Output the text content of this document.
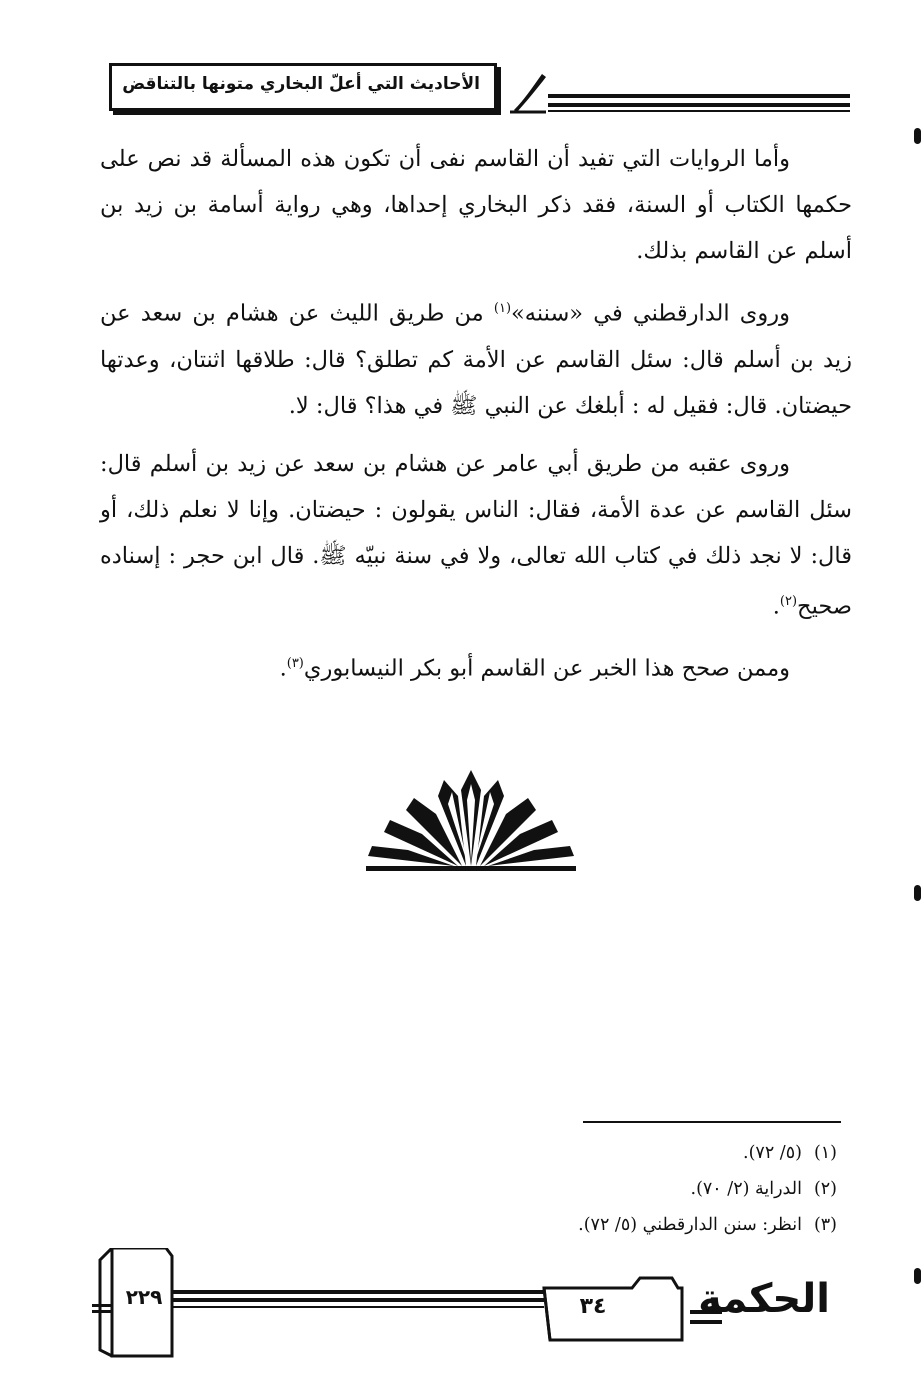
الأحاديث التي أعلّ البخاري متونها بالتناقض

وأما الروايات التي تفيد أن القاسم نفى أن تكون هذه المسألة قد نص على حكمها الكتاب أو السنة، فقد ذكر البخاري إحداها، وهي رواية أسامة بن زيد بن أسلم عن القاسم بذلك.

وروى الدارقطني في «سننه»$^{(١)}$ من طريق الليث عن هشام بن سعد عن زيد بن أسلم قال: سئل القاسم عن الأمة كم تطلق؟ قال: طلاقها اثنتان، وعدتها حيضتان. قال: فقيل له : أبلغك عن النبي ﷺ في هذا؟ قال: لا.

وروى عقبه من طريق أبي عامر عن هشام بن سعد عن زيد بن أسلم قال: سئل القاسم عن عدة الأمة، فقال: الناس يقولون : حيضتان. وإنا لا نعلم ذلك، أو قال: لا نجد ذلك في كتاب الله تعالى، ولا في سنة نبيّه ﷺ. قال ابن حجر : إسناده صحيح$^{(٢)}$.

وممن صحح هذا الخبر عن القاسم أبو بكر النيسابوري$^{(٣)}$.

(١)(٥/ ٧٢).
(٢)الدراية (٢/ ٧٠).
(٣)انظر: سنن الدارقطني (٥/ ٧٢).
٢٢٩	٣٤	الحكمة
